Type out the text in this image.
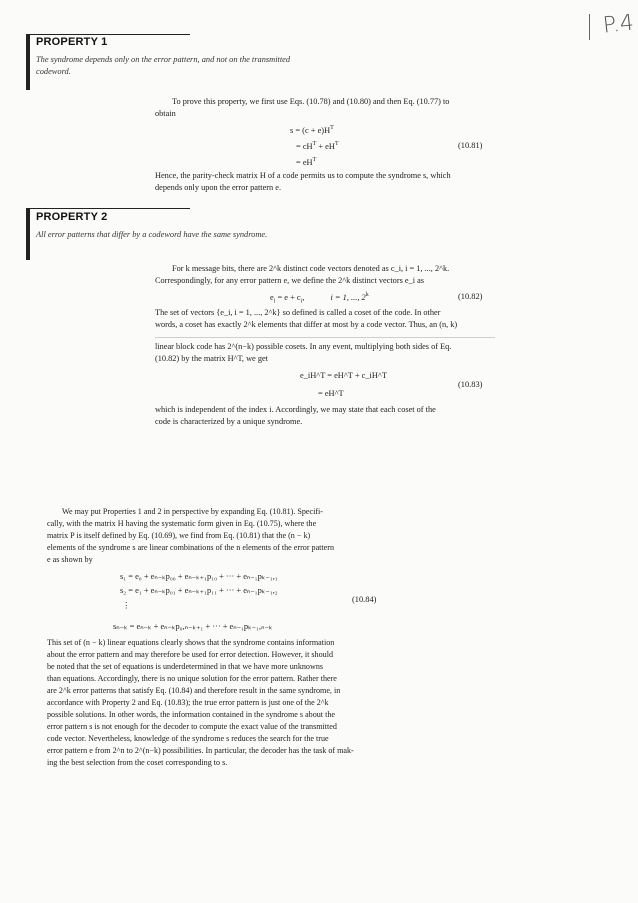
P.4
PROPERTY 1
The syndrome depends only on the error pattern, and not on the transmitted
codeword.
To prove this property, we first use Eqs. (10.78) and (10.80) and then Eq. (10.77) to
obtain
$s = (c + e)H^T$
= $cH^T + eH^T$
= $eH^T$
(10.81)
Hence, the parity-check matrix H of a code permits us to compute the syndrome s, which
depends only upon the error pattern e.
PROPERTY 2
All error patterns that differ by a codeword have the same syndrome.
For k message bits, there are 2^k distinct code vectors denoted as c_i, i = 1, ..., 2^k.
Correspondingly, for any error pattern e, we define the 2^k distinct vectors e_i as
$e_i = e + c_i$,	i = 1, ..., 2$^k$	(10.82)
The set of vectors {e_i, i = 1, ..., 2^k} so defined is called a coset of the code. In other
words, a coset has exactly 2^k elements that differ at most by a code vector. Thus, an (n, k)
linear block code has 2^(n−k) possible cosets. In any event, multiplying both sides of Eq.
(10.82) by the matrix H^T, we get
e_iH^T = eH^T + c_iH^T
= eH^T
(10.83)
which is independent of the index i. Accordingly, we may state that each coset of the
code is characterized by a unique syndrome.
We may put Properties 1 and 2 in perspective by expanding Eq. (10.81). Specifi-
cally, with the matrix H having the systematic form given in Eq. (10.75), where the
matrix P is itself defined by Eq. (10.69), we find from Eq. (10.81) that the (n − k)
elements of the syndrome s are linear combinations of the n elements of the error pattern
e as shown by
s₁ = e₀ + eₙ₋ₖp₀₀ + eₙ₋ₖ₊₁p₁₀ + ··· + eₙ₋₁pₖ₋₁,₁
s₂ = e₁ + eₙ₋ₖp₀₁ + eₙ₋ₖ₊₁p₁₁ + ··· + eₙ₋₁pₖ₋₁,₂
⋮
sₙ₋ₖ = eₙ₋ₖ + eₙ₋ₖp₀,ₙ₋ₖ₊₁ + ··· + eₙ₋₁pₖ₋₁,ₙ₋ₖ
(10.84)
This set of (n − k) linear equations clearly shows that the syndrome contains information
about the error pattern and may therefore be used for error detection. However, it should
be noted that the set of equations is underdetermined in that we have more unknowns
than equations. Accordingly, there is no unique solution for the error pattern. Rather there
are 2^k error patterns that satisfy Eq. (10.84) and therefore result in the same syndrome, in
accordance with Property 2 and Eq. (10.83); the true error pattern is just one of the 2^k
possible solutions. In other words, the information contained in the syndrome s about the
error pattern s is not enough for the decoder to compute the exact value of the transmitted
code vector. Nevertheless, knowledge of the syndrome s reduces the search for the true
error pattern e from 2^n to 2^(n−k) possibilities. In particular, the decoder has the task of mak-
ing the best selection from the coset corresponding to s.
